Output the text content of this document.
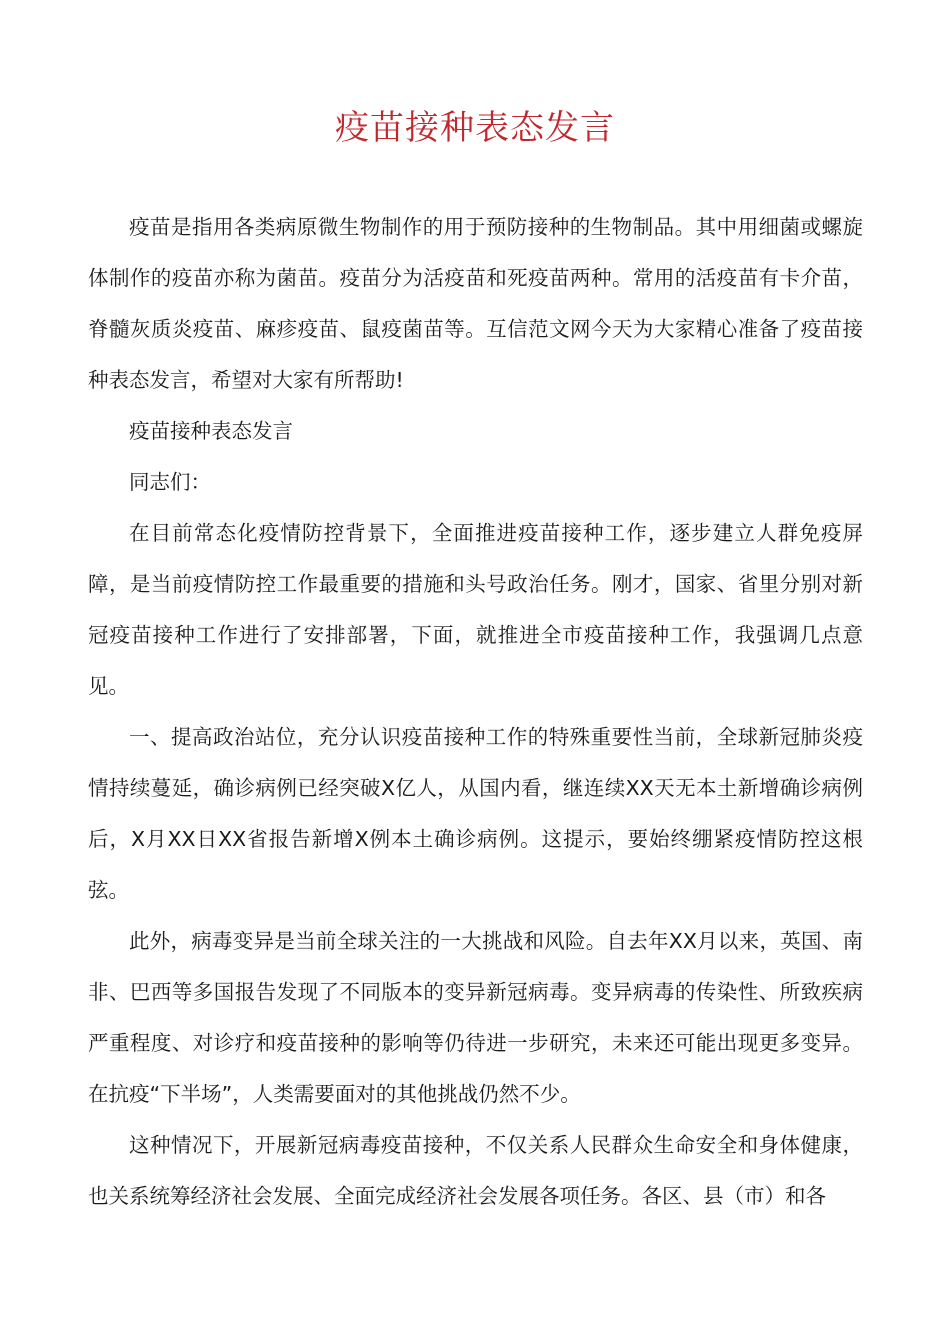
疫苗接种表态发言

疫苗是指用各类病原微生物制作的用于预防接种的生物制品。其中用细菌或螺旋体制作的疫苗亦称为菌苗。疫苗分为活疫苗和死疫苗两种。常用的活疫苗有卡介苗，脊髓灰质炎疫苗、麻疹疫苗、鼠疫菌苗等。互信范文网今天为大家精心准备了疫苗接种表态发言，希望对大家有所帮助!

疫苗接种表态发言

同志们：

在目前常态化疫情防控背景下，全面推进疫苗接种工作，逐步建立人群免疫屏障，是当前疫情防控工作最重要的措施和头号政治任务。刚才，国家、省里分别对新冠疫苗接种工作进行了安排部署，下面，就推进全市疫苗接种工作，我强调几点意见。

一、提高政治站位，充分认识疫苗接种工作的特殊重要性当前，全球新冠肺炎疫情持续蔓延，确诊病例已经突破X亿人，从国内看，继连续XX天无本土新增确诊病例后，X月XX日XX省报告新增X例本土确诊病例。这提示，要始终绷紧疫情防控这根弦。

此外，病毒变异是当前全球关注的一大挑战和风险。自去年XX月以来，英国、南非、巴西等多国报告发现了不同版本的变异新冠病毒。变异病毒的传染性、所致疾病严重程度、对诊疗和疫苗接种的影响等仍待进一步研究，未来还可能出现更多变异。在抗疫“下半场”，人类需要面对的其他挑战仍然不少。

这种情况下，开展新冠病毒疫苗接种，不仅关系人民群众生命安全和身体健康，也关系统筹经济社会发展、全面完成经济社会发展各项任务。各区、县（市）和各
